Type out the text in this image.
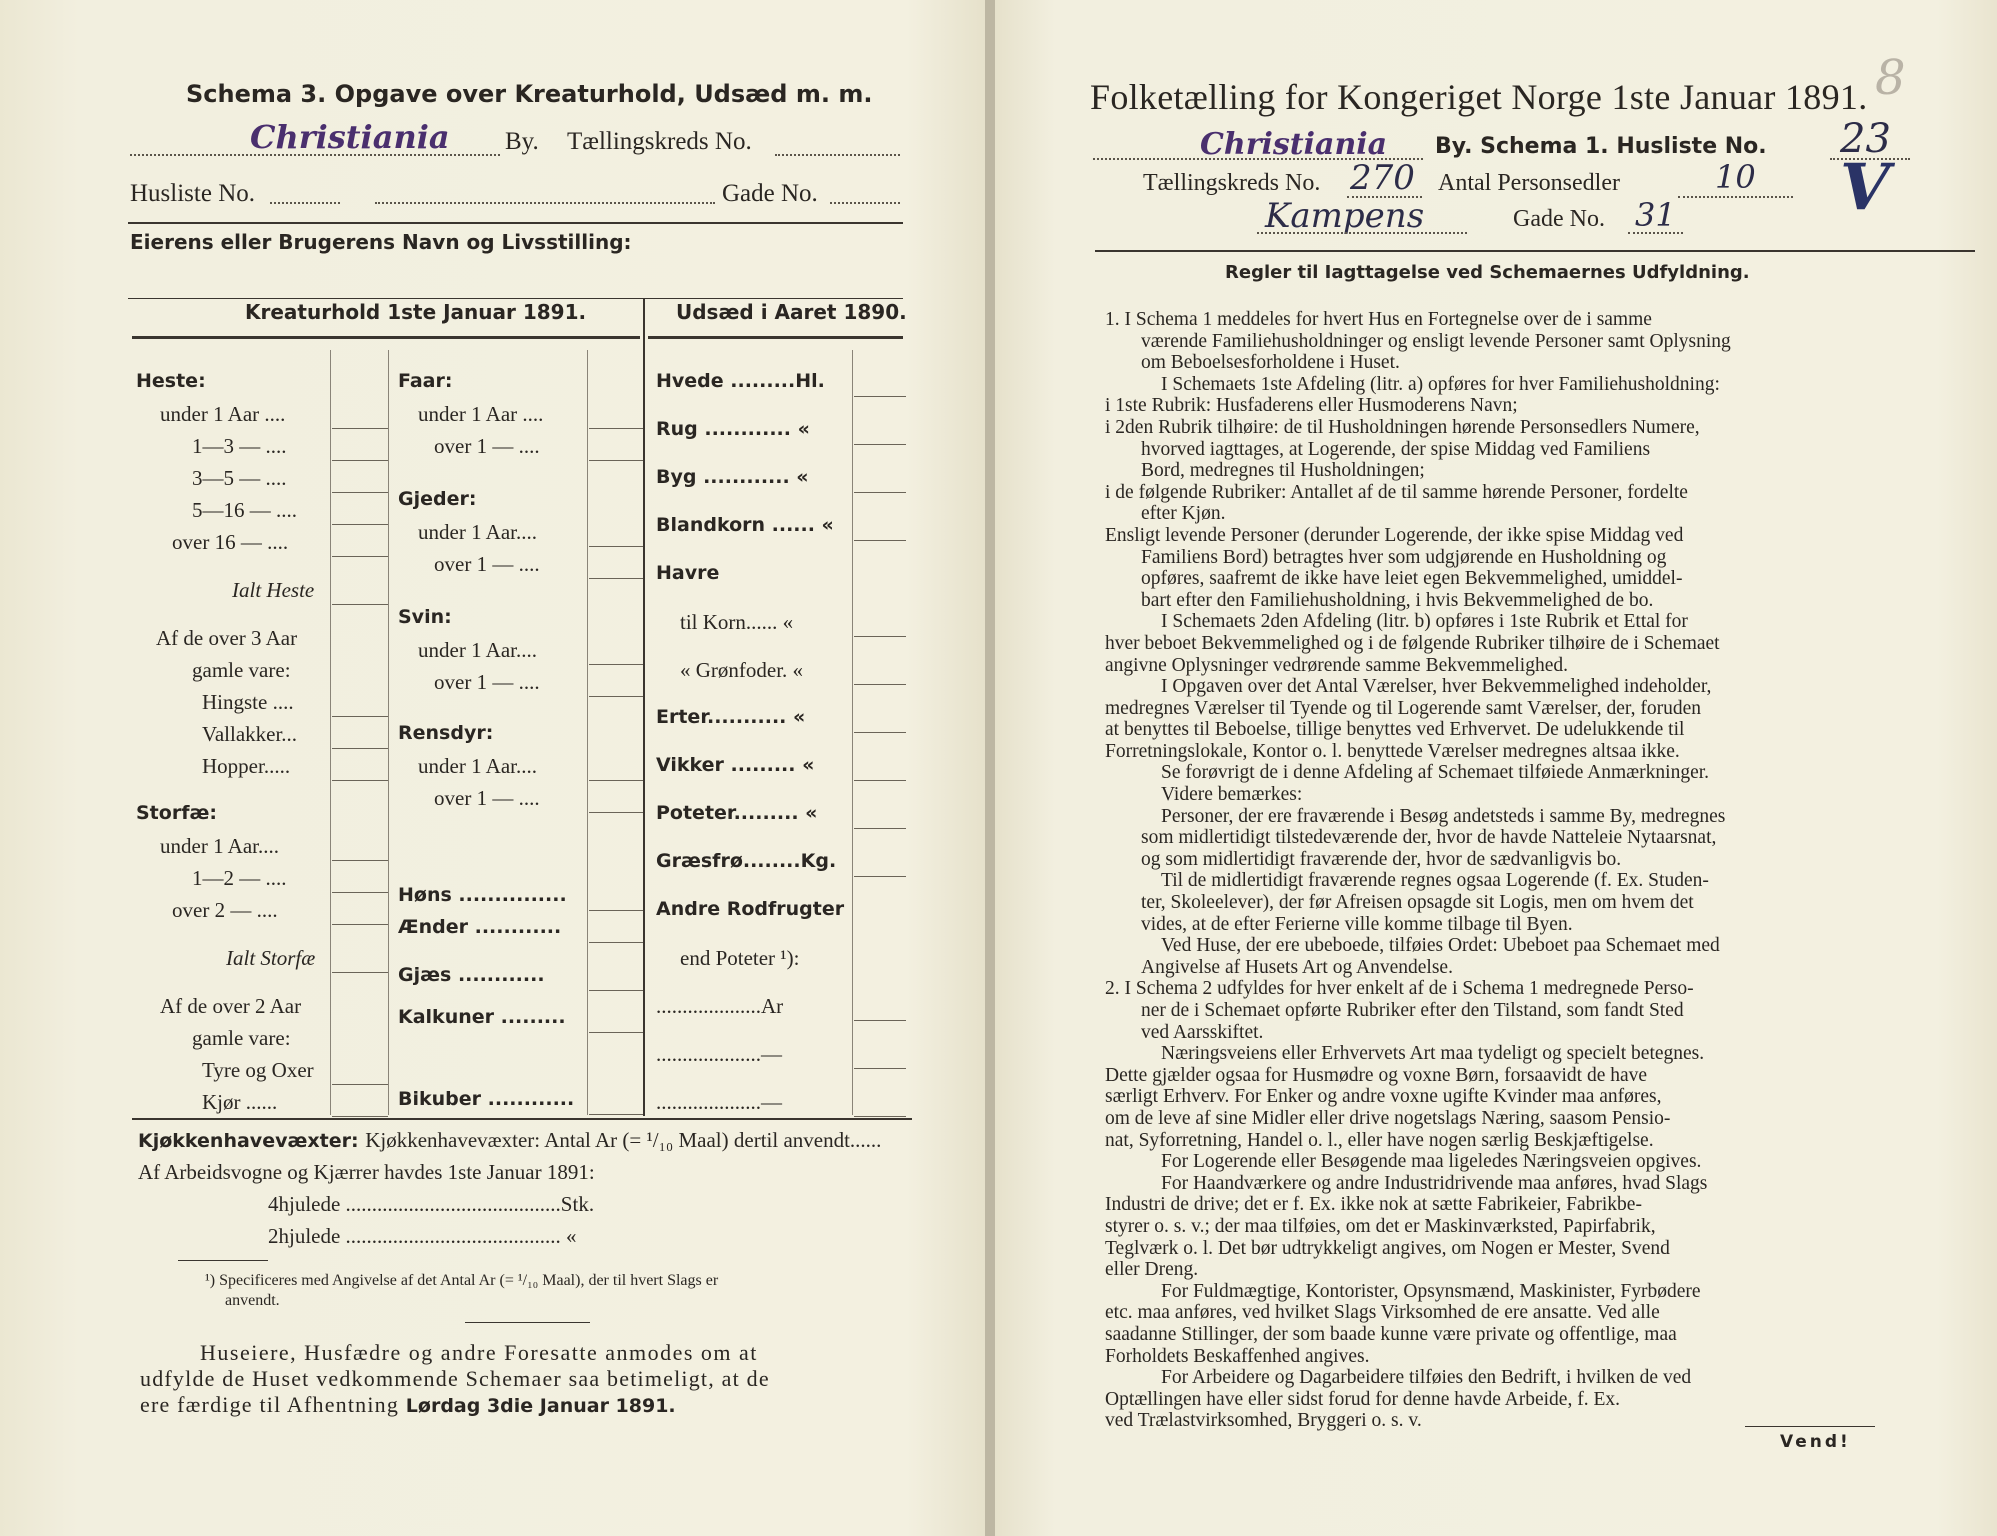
Schema 3. Opgave over Kreaturhold, Udsæd m. m.
Christiania By. Tællingskreds No.
Husliste No.	Gade No.
Eierens eller Brugerens Navn og Livsstilling:
Kreaturhold 1ste Januar 1891.	Udsæd i Aaret 1890.
Heste:
under 1 Aar ....
1—3 — ....
3—5 — ....
5—16 — ....
over 16 — ....
Ialt Heste
Af de over 3 Aar
gamle vare:
Hingste ....
Vallakker...
Hopper.....
Storfæ:
under 1 Aar....
1—2 — ....
over 2 — ....
Ialt Storfæ
Af de over 2 Aar
gamle vare:
Tyre og Oxer
Kjør ......
Faar:
under 1 Aar ....
over 1 — ....
Gjeder:
under 1 Aar....
over 1 — ....
Svin:
under 1 Aar....
over 1 — ....
Rensdyr:
under 1 Aar....
over 1 — ....
Høns ...............
Ænder ............
Gjæs ............
Kalkuner .........
Bikuber ............
Hvede .........Hl.
Rug ............ «
Byg ............ «
Blandkorn ...... «
Havre
til Korn...... «
« Grønfoder. «
Erter........... «
Vikker ......... «
Poteter......... «
Græsfrø........Kg.
Andre Rodfrugter
end Poteter ¹):
....................Ar
....................—
....................—
Kjøkkenhavevæxter: Kjøkkenhavevæxter: Antal Ar (= ¹/₁₀ Maal) dertil anvendt......
Af Arbeidsvogne og Kjærrer havdes 1ste Januar 1891:
4hjulede .........................................Stk.
2hjulede ......................................... «
¹) Specificeres med Angivelse af det Antal Ar (= ¹/₁₀ Maal), der til hvert Slags er
anvendt.
Huseiere, Husfædre og andre Foresatte anmodes om at
udfylde de Huset vedkommende Schemaer saa betimeligt, at de
ere færdige til Afhentning Lørdag 3die Januar 1891.
Folketælling for Kongeriget Norge 1ste Januar 1891. 8
Christiania By. Schema 1. Husliste No. 23
Tællingskreds No. 270 Antal Personsedler	10 V
Kampens	Gade No. 31
Regler til Iagttagelse ved Schemaernes Udfyldning.
1. I Schema 1 meddeles for hvert Hus en Fortegnelse over de i samme
værende Familiehusholdninger og ensligt levende Personer samt Oplysning
om Beboelsesforholdene i Huset.
I Schemaets 1ste Afdeling (litr. a) opføres for hver Familiehusholdning:
i 1ste Rubrik: Husfaderens eller Husmoderens Navn;
i 2den Rubrik tilhøire: de til Husholdningen hørende Personsedlers Numere,
hvorved iagttages, at Logerende, der spise Middag ved Familiens
Bord, medregnes til Husholdningen;
i de følgende Rubriker: Antallet af de til samme hørende Personer, fordelte
efter Kjøn.
Ensligt levende Personer (derunder Logerende, der ikke spise Middag ved
Familiens Bord) betragtes hver som udgjørende en Husholdning og
opføres, saafremt de ikke have leiet egen Bekvemmelighed, umiddel-
bart efter den Familiehusholdning, i hvis Bekvemmelighed de bo.
I Schemaets 2den Afdeling (litr. b) opføres i 1ste Rubrik et Ettal for
hver beboet Bekvemmelighed og i de følgende Rubriker tilhøire de i Schemaet
angivne Oplysninger vedrørende samme Bekvemmelighed.
I Opgaven over det Antal Værelser, hver Bekvemmelighed indeholder,
medregnes Værelser til Tyende og til Logerende samt Værelser, der, foruden
at benyttes til Beboelse, tillige benyttes ved Erhvervet. De udelukkende til
Forretningslokale, Kontor o. l. benyttede Værelser medregnes altsaa ikke.
Se forøvrigt de i denne Afdeling af Schemaet tilføiede Anmærkninger.
Videre bemærkes:
Personer, der ere fraværende i Besøg andetsteds i samme By, medregnes
som midlertidigt tilstedeværende der, hvor de havde Natteleie Nytaarsnat,
og som midlertidigt fraværende der, hvor de sædvanligvis bo.
Til de midlertidigt fraværende regnes ogsaa Logerende (f. Ex. Studen-
ter, Skoleelever), der før Afreisen opsagde sit Logis, men om hvem det
vides, at de efter Ferierne ville komme tilbage til Byen.
Ved Huse, der ere ubeboede, tilføies Ordet: Ubeboet paa Schemaet med
Angivelse af Husets Art og Anvendelse.
2. I Schema 2 udfyldes for hver enkelt af de i Schema 1 medregnede Perso-
ner de i Schemaet opførte Rubriker efter den Tilstand, som fandt Sted
ved Aarsskiftet.
Næringsveiens eller Erhvervets Art maa tydeligt og specielt betegnes.
Dette gjælder ogsaa for Husmødre og voxne Børn, forsaavidt de have
særligt Erhverv. For Enker og andre voxne ugifte Kvinder maa anføres,
om de leve af sine Midler eller drive nogetslags Næring, saasom Pensio-
nat, Syforretning, Handel o. l., eller have nogen særlig Beskjæftigelse.
For Logerende eller Besøgende maa ligeledes Næringsveien opgives.
For Haandværkere og andre Industridrivende maa anføres, hvad Slags
Industri de drive; det er f. Ex. ikke nok at sætte Fabrikeier, Fabrikbe-
styrer o. s. v.; der maa tilføies, om det er Maskinværksted, Papirfabrik,
Teglværk o. l. Det bør udtrykkeligt angives, om Nogen er Mester, Svend
eller Dreng.
For Fuldmægtige, Kontorister, Opsynsmænd, Maskinister, Fyrbødere
etc. maa anføres, ved hvilket Slags Virksomhed de ere ansatte. Ved alle
saadanne Stillinger, der som baade kunne være private og offentlige, maa
Forholdets Beskaffenhed angives.
For Arbeidere og Dagarbeidere tilføies den Bedrift, i hvilken de ved
Optællingen have eller sidst forud for denne havde Arbeide, f. Ex.
ved Trælastvirksomhed, Bryggeri o. s. v.
Vend!
